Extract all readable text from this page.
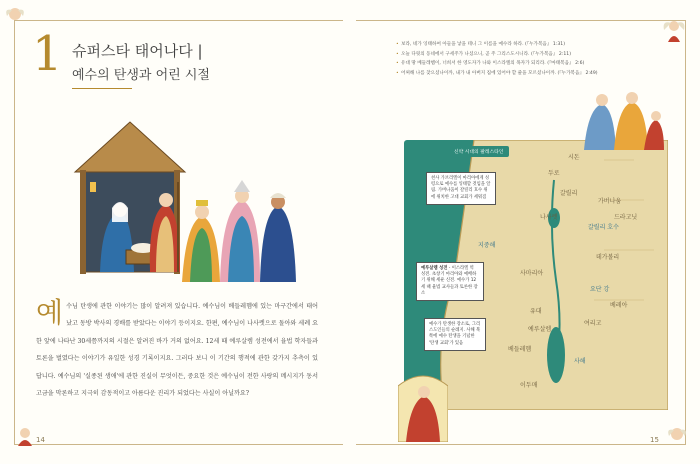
1 슈퍼스타 태어나다 |
예수의 탄생과 어린 시절
예수님 탄생에 관한 이야기는 많이 알려져 있습니다. 예수님이 베들레헴에 있는 마구간에서 태어났고 동방 박사의 경배를 받았다는 이야기 등이지요. 한편, 예수님이 나사렛으로 돌아와 세례 요한 앞에 나타난 30세쯤까지의 시절은 알려진 바가 거의 없어요. 12세 때 예루살렘 성전에서 율법 학자들과 토론을 벌였다는 이야기가 유일한 성경 기록이지요. 그러다 보니 이 기간의 행적에 관한 갖가지 추측이 있답니다. 예수님의 '실종된 생애'에 관한 진실이 무엇이든, 중요한 것은 예수님이 전한 사랑의 메시지가 동서고금을 막론하고 지극히 감동적이고 아름다운 진리가 되었다는 사실이 아닐까요?
14
• 보라, 네가 잉태하여 아들을 낳을 테니 그 이름을 예수라 하라. (『누가복음』 1:31)
• 오늘 다윗의 동네에서 구세주가 나셨으니, 곧 주 그리스도시니라. (『누가복음』 2:11)
• 유대 땅 베들레헴이, 너희서 한 영도자가 나와 이스라엘의 목자가 되리라. (『마태복음』 2:6)
• 어찌해 나를 찾으셨나이까, 내가 내 아버지 집에 있어야 할 줄을 모르셨나이까. (『누가복음』 2:49)
신약 시대의 팔레스타인
천사 가브리엘이 마리아에게 성령으로 예수를 잉태할 것임을 알림. 가버나움이 갈릴리 호수 위에 위치한 고대 교회가 세워짐
예루살렘 성전 - 이스라엘 역 성전. 초창기 마리아와 예배하기 위해 세운 신전. 예수가 12세 때 율법 교사들과 토론한 장소
예수가 탄생한 장소로, 그리스도인들의 순례지. 사해 북쪽에 예수 탄생을 기념한 '탄생 교회'가 있음
시돈
두로
갈릴리
가버나움
나사렛
갈릴리 호수
데가볼리
사마리아
지중해
유대
예루살렘
베들레헴
여리고
사해
요단 강
베레아
이두매
드라고닛
15
